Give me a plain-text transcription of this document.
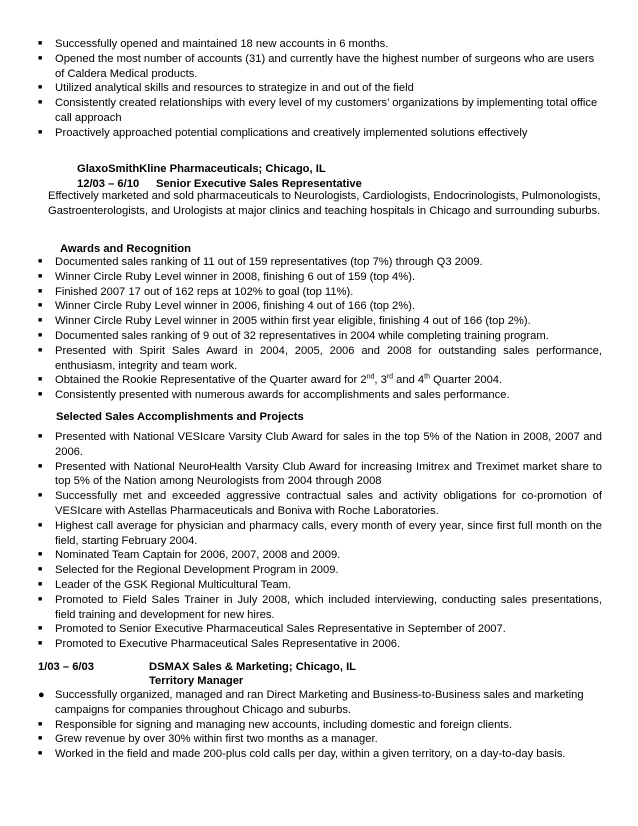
■ Successfully opened and maintained 18 new accounts in 6 months.
■ Opened the most number of accounts (31) and currently have the highest number of surgeons who are users of Caldera Medical products.
■ Utilized analytical skills and resources to strategize in and out of the field
■ Consistently created relationships with every level of my customers’ organizations by implementing total office call approach
■ Proactively approached potential complications and creatively implemented solutions effectively
GlaxoSmithKline Pharmaceuticals; Chicago, IL
12/03 – 6/10 Senior Executive Sales Representative
Effectively marketed and sold pharmaceuticals to Neurologists, Cardiologists, Endocrinologists, Pulmonologists, Gastroenterologists, and Urologists at major clinics and teaching hospitals in Chicago and surrounding suburbs.
Awards and Recognition
■ Documented sales ranking of 11 out of 159 representatives (top 7%) through Q3 2009.
■ Winner Circle Ruby Level winner in 2008, finishing 6 out of 159 (top 4%).
■ Finished 2007 17 out of 162 reps at 102% to goal (top 11%).
■ Winner Circle Ruby Level winner in 2006, finishing 4 out of 166 (top 2%).
■ Winner Circle Ruby Level winner in 2005 within first year eligible, finishing 4 out of 166 (top 2%).
■ Documented sales ranking of 9 out of 32 representatives in 2004 while completing training program.
■ Presented with Spirit Sales Award in 2004, 2005, 2006 and 2008 for outstanding sales performance, enthusiasm, integrity and team work.
■ Obtained the Rookie Representative of the Quarter award for 2nd, 3rd and 4th Quarter 2004.
■ Consistently presented with numerous awards for accomplishments and sales performance.
Selected Sales Accomplishments and Projects
■ Presented with National VESIcare Varsity Club Award for sales in the top 5% of the Nation in 2008, 2007 and 2006.
■ Presented with National NeuroHealth Varsity Club Award for increasing Imitrex and Treximet market share to top 5% of the Nation among Neurologists from 2004 through 2008
■ Successfully met and exceeded aggressive contractual sales and activity obligations for co-promotion of VESIcare with Astellas Pharmaceuticals and Boniva with Roche Laboratories.
■ Highest call average for physician and pharmacy calls, every month of every year, since first full month on the field, starting February 2004.
■ Nominated Team Captain for 2006, 2007, 2008 and 2009.
■ Selected for the Regional Development Program in 2009.
■ Leader of the GSK Regional Multicultural Team.
■ Promoted to Field Sales Trainer in July 2008, which included interviewing, conducting sales presentations, field training and development for new hires.
■ Promoted to Senior Executive Pharmaceutical Sales Representative in September of 2007.
■ Promoted to Executive Pharmaceutical Sales Representative in 2006.
1/03 – 6/03	DSMAX Sales & Marketing; Chicago, IL
Territory Manager
● Successfully organized, managed and ran Direct Marketing and Business-to-Business sales and marketing campaigns for companies throughout Chicago and suburbs.
■ Responsible for signing and managing new accounts, including domestic and foreign clients.
■ Grew revenue by over 30% within first two months as a manager.
■ Worked in the field and made 200-plus cold calls per day, within a given territory, on a day-to-day basis.
